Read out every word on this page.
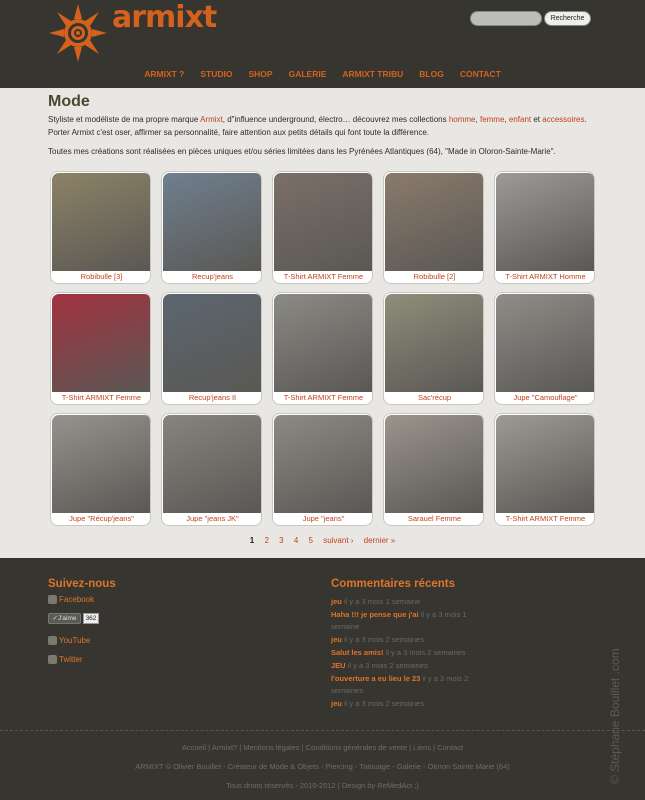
armixt	Recherche
ARMIXT ?	STUDIO	SHOP	GALERIE	ARMIXT TRIBU	BLOG	CONTACT
Mode
Styliste et modéliste de ma propre marque Armixt, d"influence underground, électro… découvrez mes collections homme, femme, enfant et accessoires.
Porter Armixt c'est oser, affirmer sa personnalité, faire attention aux petits détails qui font toute la différence.
Toutes mes créations sont réalisées en pièces uniques et/ou séries limitées dans les Pyrénées Atlantiques (64), "Made in Oloron-Sainte-Marie".
Robibulle [3]	Recup'jeans	T-Shirt ARMIXT Femme	Robibulle [2]	T-Shirt ARMIXT Homme
T-Shirt ARMIXT Femme	Recup'jeans II	T-Shirt ARMIXT Femme	Sac'récup	Jupe "Camouflage"
Jupe "Récup'jeans"	Jupe "jeans JK"	Jupe "jeans"	Sarauel Femme	T-Shirt ARMIXT Femme
1 2 3 4 5 suivant › dernier »
Suivez-nous
Facebook
✓J'aime	362
YouTube
Twitter
Commentaires récents
jeu il y a 3 mois 1 semaine
Haha !!! je pense que j'ai il y a 3 mois 1 semaine
jeu il y a 3 mois 2 semaines
Salut les amis! il y a 3 mois 2 semaines
JEU il y a 3 mois 2 semaines
l'ouverture a eu lieu le 23 il y a 3 mois 2 semaines
jeu il y a 3 mois 2 semaines
Accueil | Armixt? | Mentions légales | Conditions générales de vente | Liens | Contact
ARMIXT © Olivier Bouillet - Créateur de Mode & Objets - Piercing - Tatouage - Galerie - Oloron Sainte Marie (64)
Tous droits réservés - 2010-2012 | Design by ReMedAct ;)
© Stéphane Bouillet .com
